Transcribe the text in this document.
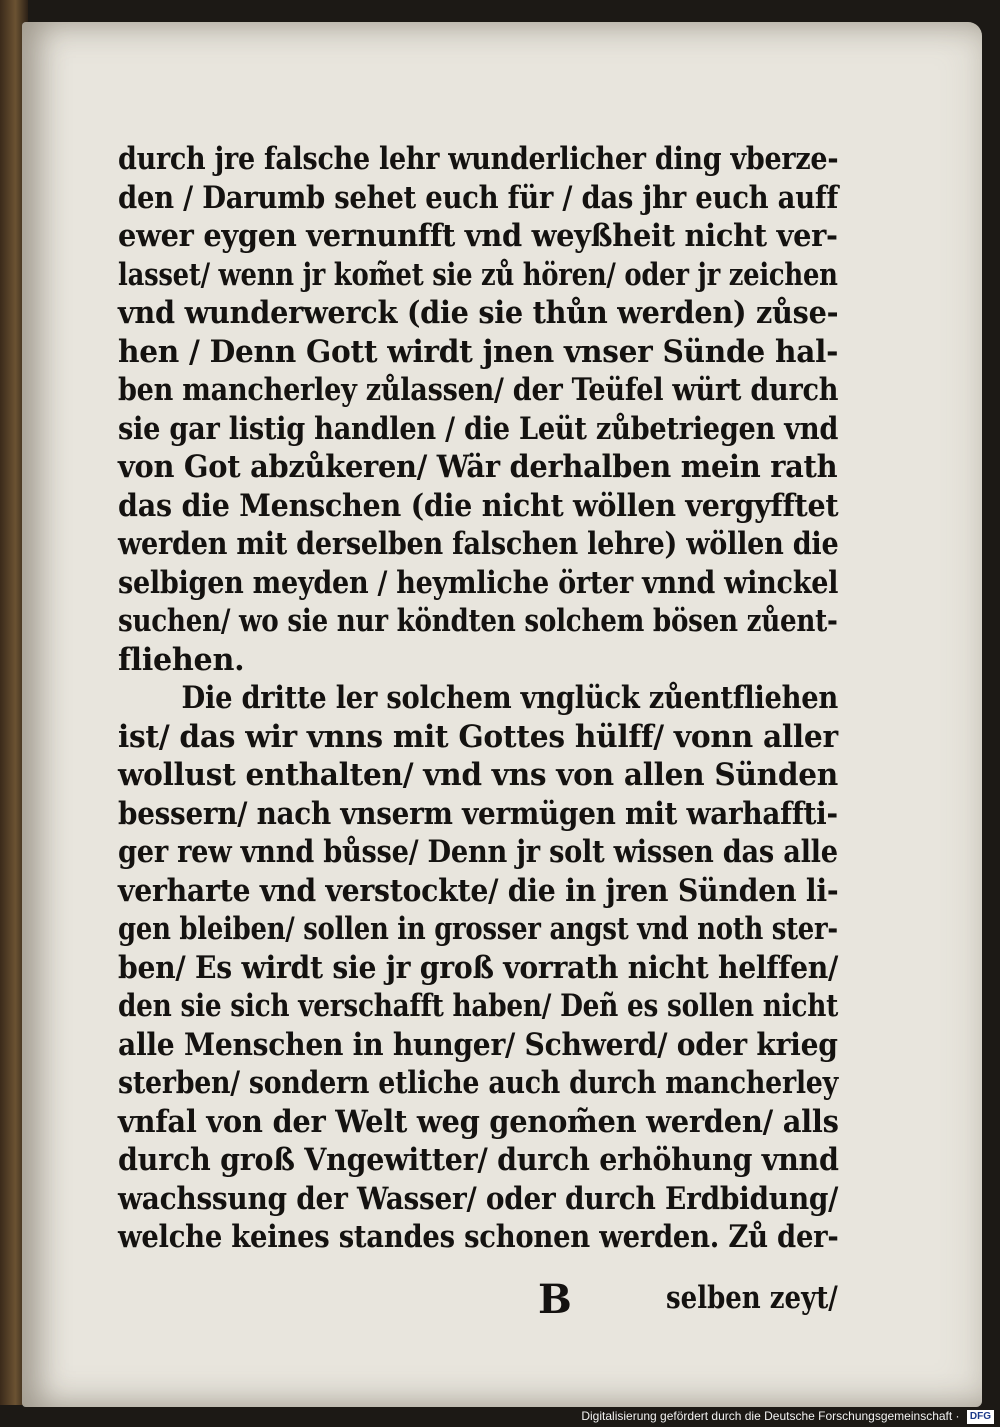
durch jre falsche lehr wunderlicher ding vberze-
den / Darumb sehet euch für / das jhr euch auff
ewer eygen vernunfft vnd weyßheit nicht ver-
lasset/ wenn jr kom̃et sie zů hören/ oder jr zeichen
vnd wunderwerck (die sie thůn werden) zůse-
hen / Denn Gott wirdt jnen vnser Sünde hal-
ben mancherley zůlassen/ der Teüfel würt durch
sie gar listig handlen / die Leüt zůbetriegen vnd
von Got abzůkeren/ Wär derhalben mein rath
das die Menschen (die nicht wöllen vergyfftet
werden mit derselben falschen lehre) wöllen die
selbigen meyden / heymliche örter vnnd winckel
suchen/ wo sie nur köndten solchem bösen zůent-
fliehen.
Die dritte ler solchem vnglück zůentfliehen
ist/ das wir vnns mit Gottes hülff/ vonn aller
wollust enthalten/ vnd vns von allen Sünden
bessern/ nach vnserm vermügen mit warhaffti-
ger rew vnnd bůsse/ Denn jr solt wissen das alle
verharte vnd verstockte/ die in jren Sünden li-
gen bleiben/ sollen in grosser angst vnd noth ster-
ben/ Es wirdt sie jr groß vorrath nicht helffen/
den sie sich verschafft haben/ Deñ es sollen nicht
alle Menschen in hunger/ Schwerd/ oder krieg
sterben/ sondern etliche auch durch mancherley
vnfal von der Welt weg genom̃en werden/ alls
durch groß Vngewitter/ durch erhöhung vnnd
wachssung der Wasser/ oder durch Erdbidung/
welche keines standes schonen werden. Zů der-
B	selben zeyt/
Digitalisierung gefördert durch die Deutsche Forschungsgemeinschaft · DFG
